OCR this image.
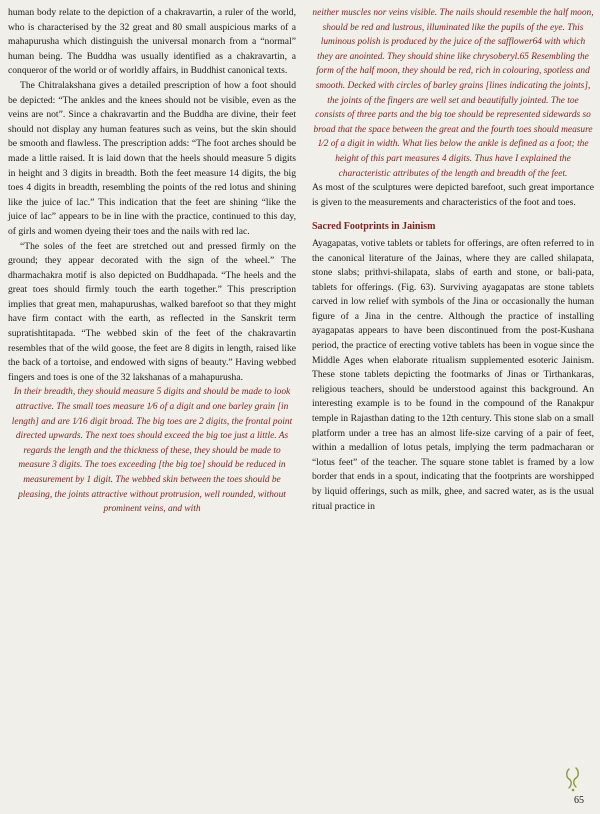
human body relate to the depiction of a chakravartin, a ruler of the world, who is characterised by the 32 great and 80 small auspicious marks of a mahapurusha which distinguish the universal monarch from a “normal” human being. The Buddha was usually identified as a chakravartin, a conqueror of the world or of worldly affairs, in Buddhist canonical texts.

The Chitralakshana gives a detailed prescription of how a foot should be depicted: “The ankles and the knees should not be visible, even as the veins are not”. Since a chakravartin and the Buddha are divine, their feet should not display any human features such as veins, but the skin should be smooth and flawless. The prescription adds: “The foot arches should be made a little raised. It is laid down that the heels should measure 5 digits in height and 3 digits in breadth. Both the feet measure 14 digits, the big toes 4 digits in breadth, resembling the points of the red lotus and shining like the juice of lac.” This indication that the feet are shining “like the juice of lac” appears to be in line with the practice, continued to this day, of girls and women dyeing their toes and the nails with red lac.

“The soles of the feet are stretched out and pressed firmly on the ground; they appear decorated with the sign of the wheel.” The dharmachakra motif is also depicted on Buddhapada. “The heels and the great toes should firmly touch the earth together.” This prescription implies that great men, mahapurushas, walked barefoot so that they might have firm contact with the earth, as reflected in the Sanskrit term supratishtitapada. “The webbed skin of the feet of the chakravartin resembles that of the wild goose, the feet are 8 digits in length, raised like the back of a tortoise, and endowed with signs of beauty.” Having webbed fingers and toes is one of the 32 lakshanas of a mahapurusha.

In their breadth, they should measure 5 digits and should be made to look attractive. The small toes measure 1⁄6 of a digit and one barley grain [in length] and are 1⁄16 digit broad. The big toes are 2 digits, the frontal point directed upwards. The next toes should exceed the big toe just a little. As regards the length and the thickness of these, they should be made to measure 3 digits. The toes exceeding [the big toe] should be reduced in measurement by 1 digit. The webbed skin between the toes should be pleasing, the joints attractive without protrusion, well rounded, without prominent veins, and with

neither muscles nor veins visible. The nails should resemble the half moon, should be red and lustrous, illuminated like the pupils of the eye. This luminous polish is produced by the juice of the safflower64 with which they are anointed. They should shine like chrysoberyl.65 Resembling the form of the half moon, they should be red, rich in colouring, spotless and smooth. Decked with circles of barley grains [lines indicating the joints], the joints of the fingers are well set and beautifully jointed. The toe consists of three parts and the big toe should be represented sidewards so broad that the space between the great and the fourth toes should measure 1⁄2 of a digit in width. What lies below the ankle is defined as a foot; the height of this part measures 4 digits. Thus have I explained the characteristic attributes of the length and breadth of the feet.

As most of the sculptures were depicted barefoot, such great importance is given to the measurements and characteristics of the foot and toes.

Sacred Footprints in Jainism

Ayagapatas, votive tablets or tablets for offerings, are often referred to in the canonical literature of the Jainas, where they are called shilapata, stone slabs; prithvi-shilapata, slabs of earth and stone, or bali-pata, tablets for offerings. (Fig. 63). Surviving ayagapatas are stone tablets carved in low relief with symbols of the Jina or occasionally the human figure of a Jina in the centre. Although the practice of installing ayagapatas appears to have been discontinued from the post-Kushana period, the practice of erecting votive tablets has been in vogue since the Middle Ages when elaborate ritualism supplemented esoteric Jainism. These stone tablets depicting the footmarks of Jinas or Tirthankaras, religious teachers, should be understood against this background. An interesting example is to be found in the compound of the Ranakpur temple in Rajasthan dating to the 12th century. This stone slab on a small platform under a tree has an almost life-size carving of a pair of feet, within a medallion of lotus petals, implying the term padmacharan or “lotus feet” of the teacher. The square stone tablet is framed by a low border that ends in a spout, indicating that the footprints are worshipped by liquid offerings, such as milk, ghee, and sacred water, as is the usual ritual practice in

65
